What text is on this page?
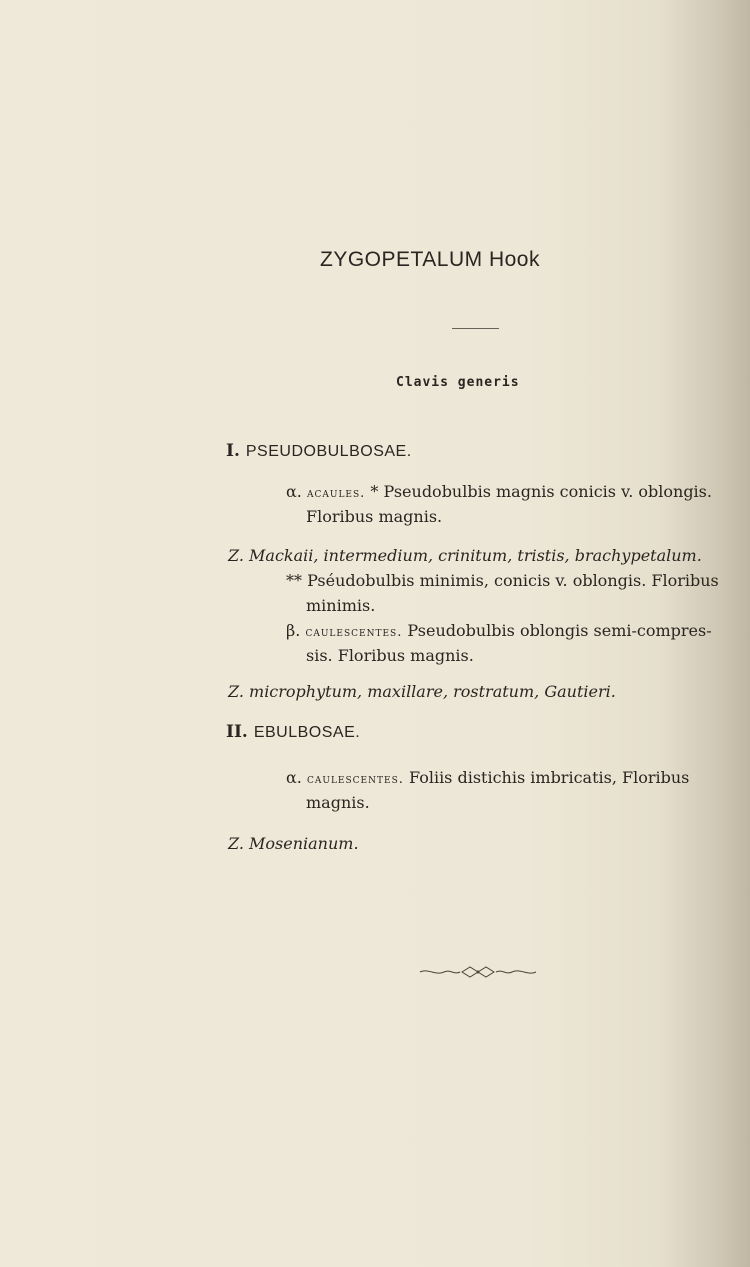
ZYGOPETALUM Hook
Clavis generis
I. PSEUDOBULBOSAE.
α. acaules. * Pseudobulbis magnis conicis v. oblongis.
Floribus magnis.
Z. Mackaii, intermedium, crinitum, tristis, brachypetalum.
** Pséudobulbis minimis, conicis v. oblongis. Floribus
minimis.
β. caulescentes. Pseudobulbis oblongis semi-compres-
sis. Floribus magnis.
Z. microphytum, maxillare, rostratum, Gautieri.
II. EBULBOSAE.
α. caulescentes. Foliis distichis imbricatis, Floribus
magnis.
Z. Mosenianum.
